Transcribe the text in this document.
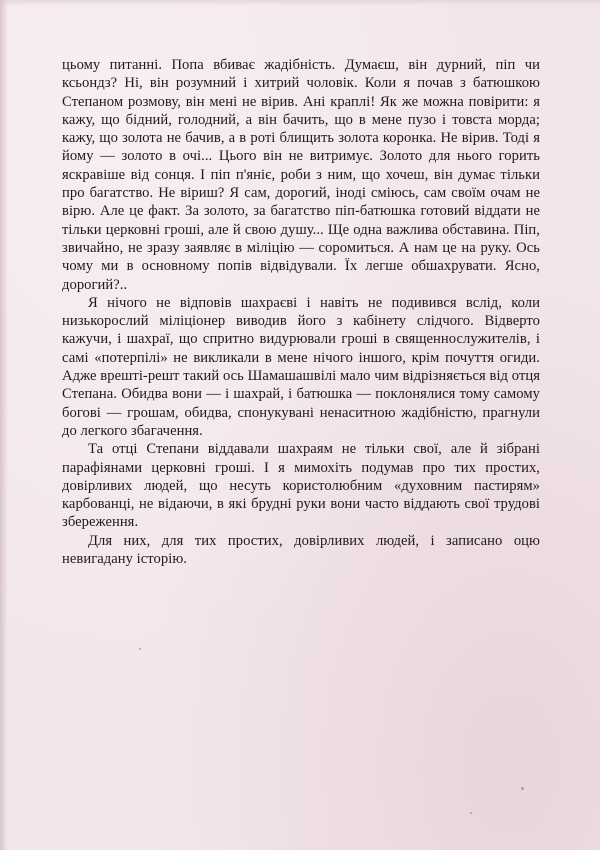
цьому питанні. Попа вбиває жадібність. Думаєш, він дурний, піп чи ксьондз? Ні, він розумний і хитрий чоловік. Коли я почав з батюшкою Степаном розмову, він мені не вірив. Ані краплі! Як же можна повірити: я кажу, що бідний, голодний, а він бачить, що в мене пузо і товста морда; кажу, що золота не бачив, а в роті блищить золота коронка. Не вірив. Тоді я йому — золото в очі... Цього він не витримує. Золото для нього горить яскравіше від сонця. І піп п'яніє, роби з ним, що хочеш, він думає тільки про багатство. Не віриш? Я сам, дорогий, іноді сміюсь, сам своїм очам не вірю. Але це факт. За золото, за багатство піп-батюшка готовий віддати не тільки церковні гроші, але й свою душу... Ще одна важлива обставина. Піп, звичайно, не зразу заявляє в міліцію — соромиться. А нам це на руку. Ось чому ми в основному попів відвідували. Їх легше обшахрувати. Ясно, дорогий?..

Я нічого не відповів шахраєві і навіть не подивився вслід, коли низькорослий міліціонер виводив його з кабінету слідчого. Відверто кажучи, і шахраї, що спритно видурювали гроші в священнослужителів, і самі «потерпілі» не викликали в мене нічого іншого, крім почуття огиди. Адже врешті-решт такий ось Шамашашвілі мало чим відрізняється від отця Степана. Обидва вони — і шахрай, і батюшка — поклонялися тому самому богові — грошам, обидва, спонукувані ненаситною жадібністю, прагнули до легкого збагачення.

Та отці Степани віддавали шахраям не тільки свої, але й зібрані парафіянами церковні гроші. І я мимохіть подумав про тих простих, довірливих людей, що несуть користолюбним «духовним пастирям» карбованці, не відаючи, в які брудні руки вони часто віддають свої трудові збереження.

Для них, для тих простих, довірливих людей, і записано оцю невигадану історію.
